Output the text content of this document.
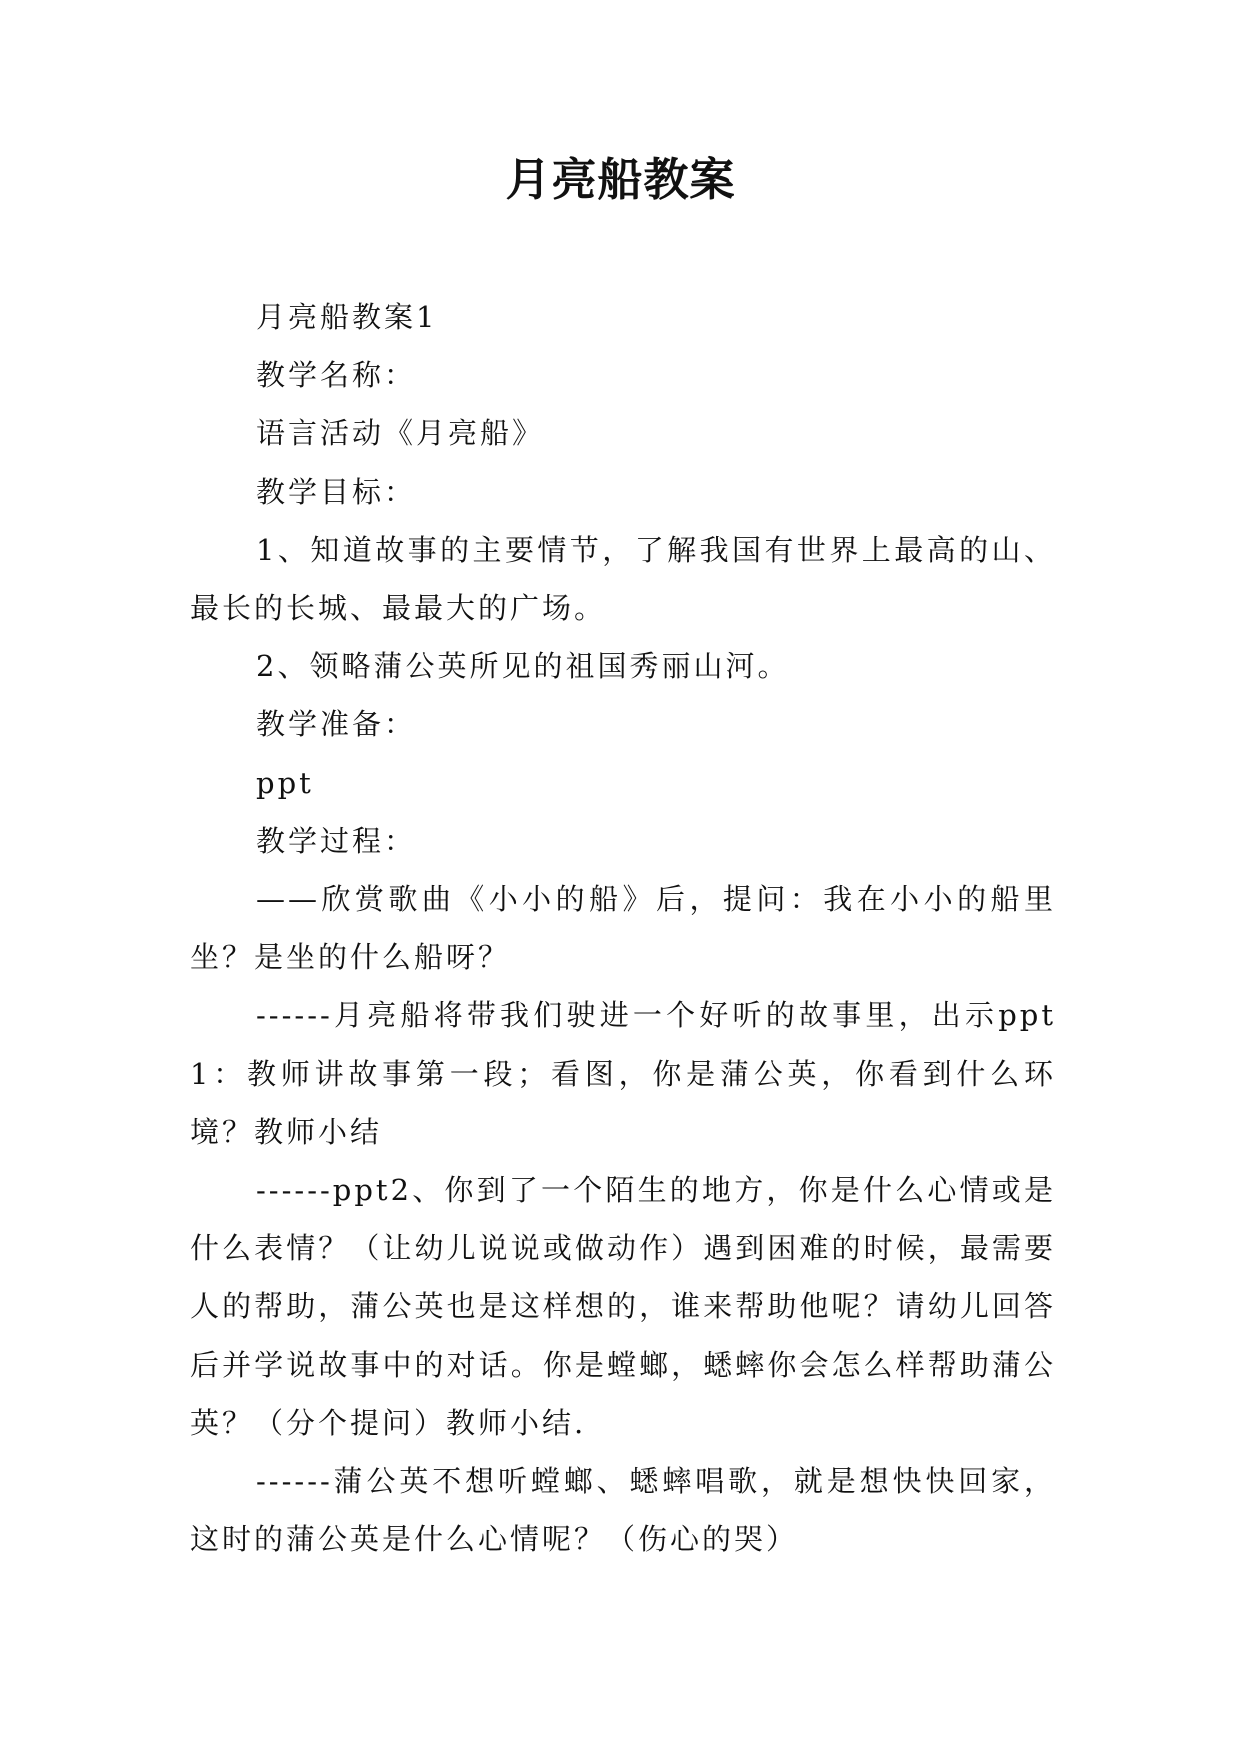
月亮船教案

月亮船教案1

教学名称：

语言活动《月亮船》

教学目标：

1、知道故事的主要情节，了解我国有世界上最高的山、最长的长城、最最大的广场。

2、领略蒲公英所见的祖国秀丽山河。

教学准备：

ppt

教学过程：

——欣赏歌曲《小小的船》后，提问：我在小小的船里坐？是坐的什么船呀？

------月亮船将带我们驶进一个好听的故事里，出示ppt1：教师讲故事第一段；看图，你是蒲公英，你看到什么环境？教师小结

------ppt2、你到了一个陌生的地方，你是什么心情或是什么表情？（让幼儿说说或做动作）遇到困难的时候，最需要人的帮助，蒲公英也是这样想的，谁来帮助他呢？请幼儿回答后并学说故事中的对话。你是螳螂，蟋蟀你会怎么样帮助蒲公英？（分个提问）教师小结.

------蒲公英不想听螳螂、蟋蟀唱歌，就是想快快回家，这时的蒲公英是什么心情呢？（伤心的哭）
